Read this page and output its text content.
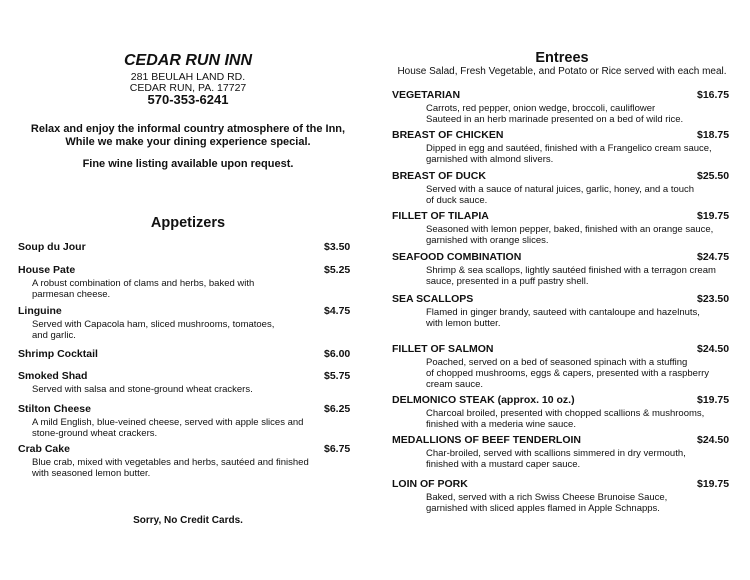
CEDAR RUN INN
281 BEULAH LAND RD.
CEDAR RUN, PA. 17727
570-353-6241
Relax and enjoy the informal country atmosphere of the Inn,
While we make your dining experience special.
Fine wine listing available upon request.
Appetizers
Soup du Jour	$3.50
House Pate	$5.25
A robust combination of clams and herbs, baked with
parmesan cheese.
Linguine	$4.75
Served with Capacola ham, sliced mushrooms, tomatoes,
and garlic.
Shrimp Cocktail	$6.00
Smoked Shad	$5.75
Served with salsa and stone-ground wheat crackers.
Stilton Cheese	$6.25
A mild English, blue-veined cheese, served with apple slices and
stone-ground wheat crackers.
Crab Cake	$6.75
Blue crab, mixed with vegetables and herbs, sautéed and finished
with seasoned lemon butter.
Sorry, No Credit Cards.
Entrees
House Salad, Fresh Vegetable, and Potato or Rice served with each meal.
VEGETARIAN	$16.75
Carrots, red pepper, onion wedge, broccoli, cauliflower
Sauteed in an herb marinade presented on a bed of wild rice.
BREAST OF CHICKEN	$18.75
Dipped in egg and sautéed, finished with a Frangelico cream sauce,
garnished with almond slivers.
BREAST OF DUCK	$25.50
Served with a sauce of natural juices, garlic, honey, and a touch
of duck sauce.
FILLET OF TILAPIA	$19.75
Seasoned with lemon pepper, baked, finished with an orange sauce,
garnished with orange slices.
SEAFOOD COMBINATION	$24.75
Shrimp & sea scallops, lightly sautéed finished with a terragon cream
sauce, presented in a puff pastry shell.
SEA SCALLOPS	$23.50
Flamed in ginger brandy, sauteed with cantaloupe and hazelnuts,
with lemon butter.
FILLET OF SALMON	$24.50
Poached, served on a bed of seasoned spinach with a stuffing
of chopped mushrooms, eggs & capers, presented with a raspberry
cream sauce.
DELMONICO STEAK (approx. 10 oz.)	$19.75
Charcoal broiled, presented with chopped scallions & mushrooms,
finished with a mederia wine sauce.
MEDALLIONS OF BEEF TENDERLOIN	$24.50
Char-broiled, served with scallions simmered in dry vermouth,
finished with a mustard caper sauce.
LOIN OF PORK	$19.75
Baked, served with a rich Swiss Cheese Brunoise Sauce,
garnished with sliced apples flamed in Apple Schnapps.
